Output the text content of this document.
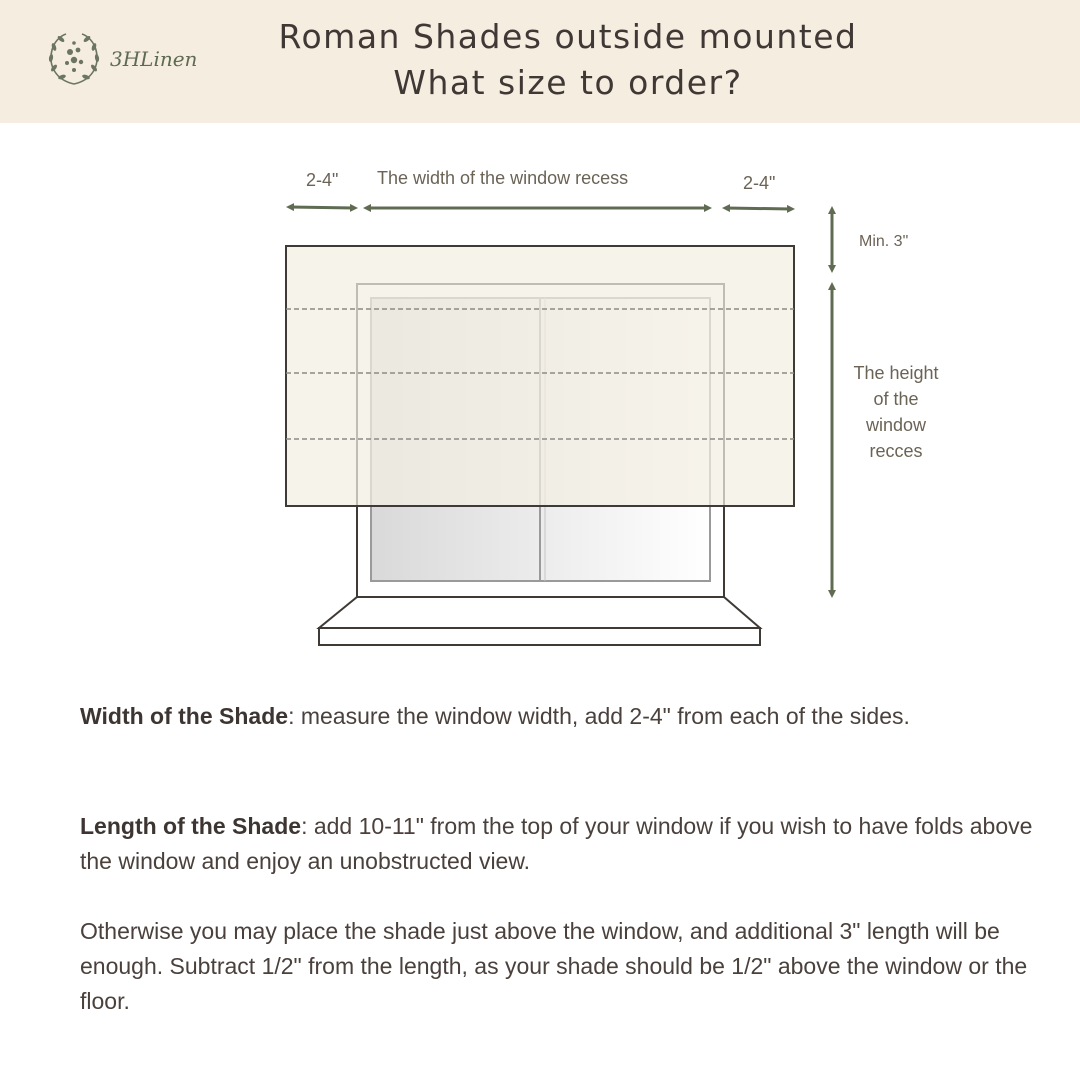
3HLinen
Roman Shades outside mounted
What size to order?
2-4" The width of the window recess	2-4"
Min. 3"
The height
of the
window
recces

Width of the Shade: measure the window width, add 2-4" from each of the sides.

Length of the Shade: add 10-11" from the top of your window if you wish to have folds above the window and enjoy an unobstructed view.

Otherwise you may place the shade just above the window, and additional 3" length will be enough. Subtract 1/2" from the length, as your shade should be 1/2" above the window or the floor.
